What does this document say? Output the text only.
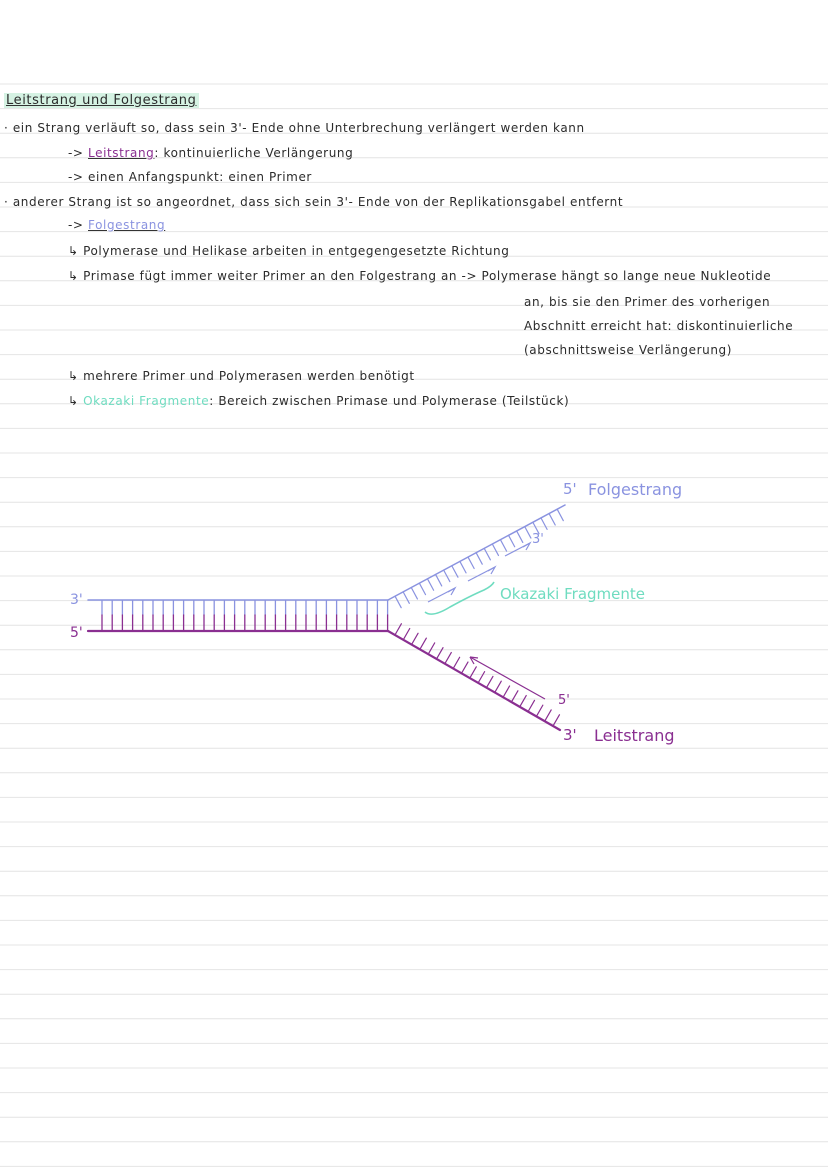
Leitstrang und Folgestrang
· ein Strang verläuft so, dass sein 3'- Ende ohne Unterbrechung verlängert werden kann
-> Leitstrang: kontinuierliche Verlängerung
-> einen Anfangspunkt: einen Primer
· anderer Strang ist so angeordnet, dass sich sein 3'- Ende von der Replikationsgabel entfernt
-> Folgestrang
↳ Polymerase und Helikase arbeiten in entgegengesetzte Richtung
↳ Primase fügt immer weiter Primer an den Folgestrang an -> Polymerase hängt so lange neue Nukleotide
an, bis sie den Primer des vorherigen
Abschnitt erreicht hat: diskontinuierliche
(abschnittsweise Verlängerung)
↳ mehrere Primer und Polymerasen werden benötigt
↳ Okazaki Fragmente: Bereich zwischen Primase und Polymerase (Teilstück)
3'
5'
5' Folgestrang
3'
Okazaki Fragmente
5'
3' Leitstrang
